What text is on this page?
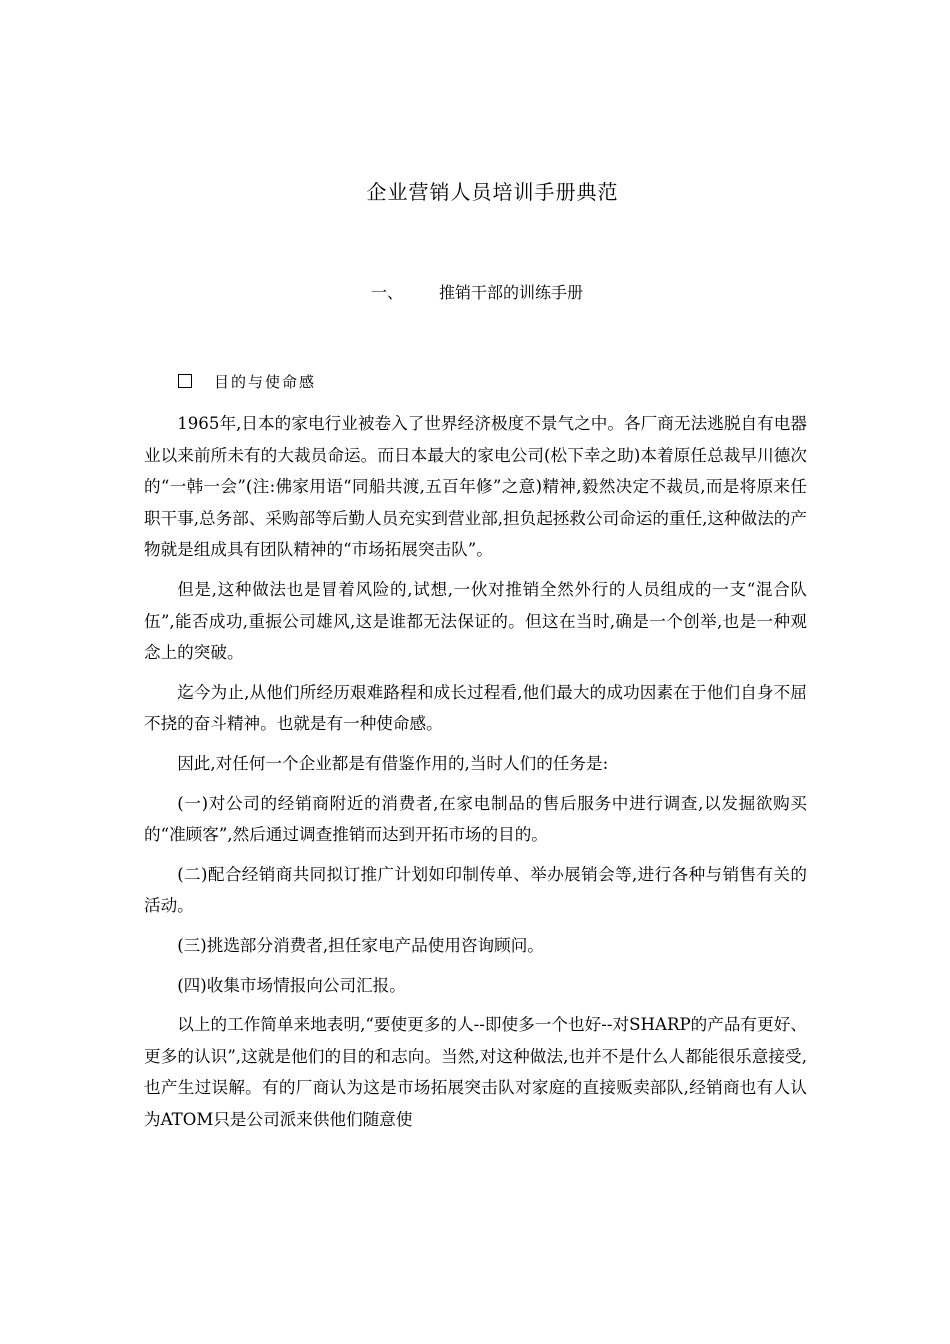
企业营销人员培训手册典范
一、 推销干部的训练手册
目的与使命感

1965年,日本的家电行业被卷入了世界经济极度不景气之中。各厂商无法逃脱自有电器业以来前所未有的大裁员命运。而日本最大的家电公司(松下幸之助)本着原任总裁早川德次的“一韩一会”(注:佛家用语“同船共渡,五百年修”之意)精神,毅然决定不裁员,而是将原来任职干事,总务部、采购部等后勤人员充实到营业部,担负起拯救公司命运的重任,这种做法的产物就是组成具有团队精神的“市场拓展突击队”。

但是,这种做法也是冒着风险的,试想,一伙对推销全然外行的人员组成的一支“混合队伍”,能否成功,重振公司雄风,这是谁都无法保证的。但这在当时,确是一个创举,也是一种观念上的突破。

迄今为止,从他们所经历艰难路程和成长过程看,他们最大的成功因素在于他们自身不屈不挠的奋斗精神。也就是有一种使命感。

因此,对任何一个企业都是有借鉴作用的,当时人们的任务是:

(一)对公司的经销商附近的消费者,在家电制品的售后服务中进行调查,以发掘欲购买的“准顾客”,然后通过调查推销而达到开拓市场的目的。

(二)配合经销商共同拟订推广计划如印制传单、举办展销会等,进行各种与销售有关的活动。

(三)挑选部分消费者,担任家电产品使用咨询顾问。

(四)收集市场情报向公司汇报。

以上的工作简单来地表明,“要使更多的人--即使多一个也好--对SHARP的产品有更好、更多的认识”,这就是他们的目的和志向。当然,对这种做法,也并不是什么人都能很乐意接受,也产生过误解。有的厂商认为这是市场拓展突击队对家庭的直接贩卖部队,经销商也有人认为ATOM只是公司派来供他们随意使
